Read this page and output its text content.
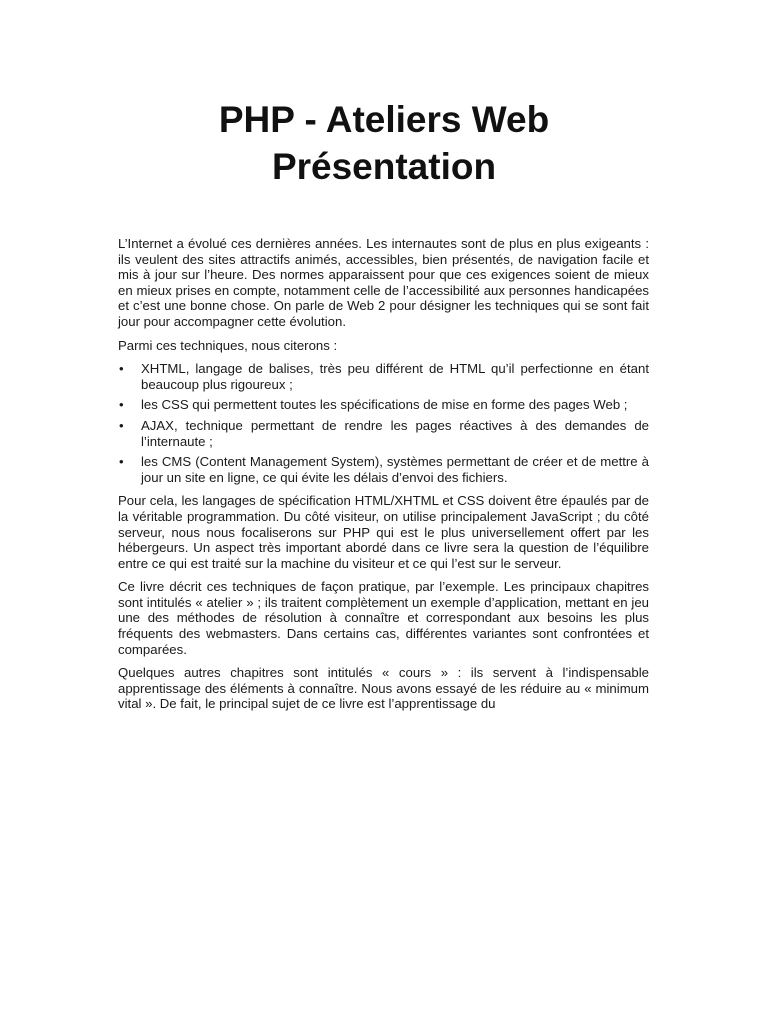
PHP - Ateliers Web
Présentation

L’Internet a évolué ces dernières années. Les internautes sont de plus en plus exigeants : ils veulent des sites attractifs animés, accessibles, bien présentés, de navigation facile et mis à jour sur l’heure. Des normes apparaissent pour que ces exigences soient de mieux en mieux prises en compte, notamment celle de l’accessibilité aux personnes handicapées et c’est une bonne chose. On parle de Web 2 pour désigner les techniques qui se sont fait jour pour accompagner cette évolution.

Parmi ces techniques, nous citerons :

• XHTML, langage de balises, très peu différent de HTML qu’il perfectionne en étant beaucoup plus rigoureux ;
• les CSS qui permettent toutes les spécifications de mise en forme des pages Web ;
• AJAX, technique permettant de rendre les pages réactives à des demandes de l’internaute ;
• les CMS (Content Management System), systèmes permettant de créer et de mettre à jour un site en ligne, ce qui évite les délais d’envoi des fichiers.

Pour cela, les langages de spécification HTML/XHTML et CSS doivent être épaulés par de la véritable programmation. Du côté visiteur, on utilise principalement JavaScript ; du côté serveur, nous nous focaliserons sur PHP qui est le plus universellement offert par les hébergeurs. Un aspect très important abordé dans ce livre sera la question de l’équilibre entre ce qui est traité sur la machine du visiteur et ce qui l’est sur le serveur.

Ce livre décrit ces techniques de façon pratique, par l’exemple. Les principaux chapitres sont intitulés « atelier » ; ils traitent complètement un exemple d’application, mettant en jeu une des méthodes de résolution à connaître et correspondant aux besoins les plus fréquents des webmasters. Dans certains cas, différentes variantes sont confrontées et comparées.

Quelques autres chapitres sont intitulés « cours » : ils servent à l’indispensable apprentissage des éléments à connaître. Nous avons essayé de les réduire au « minimum vital ». De fait, le principal sujet de ce livre est l’apprentissage du
